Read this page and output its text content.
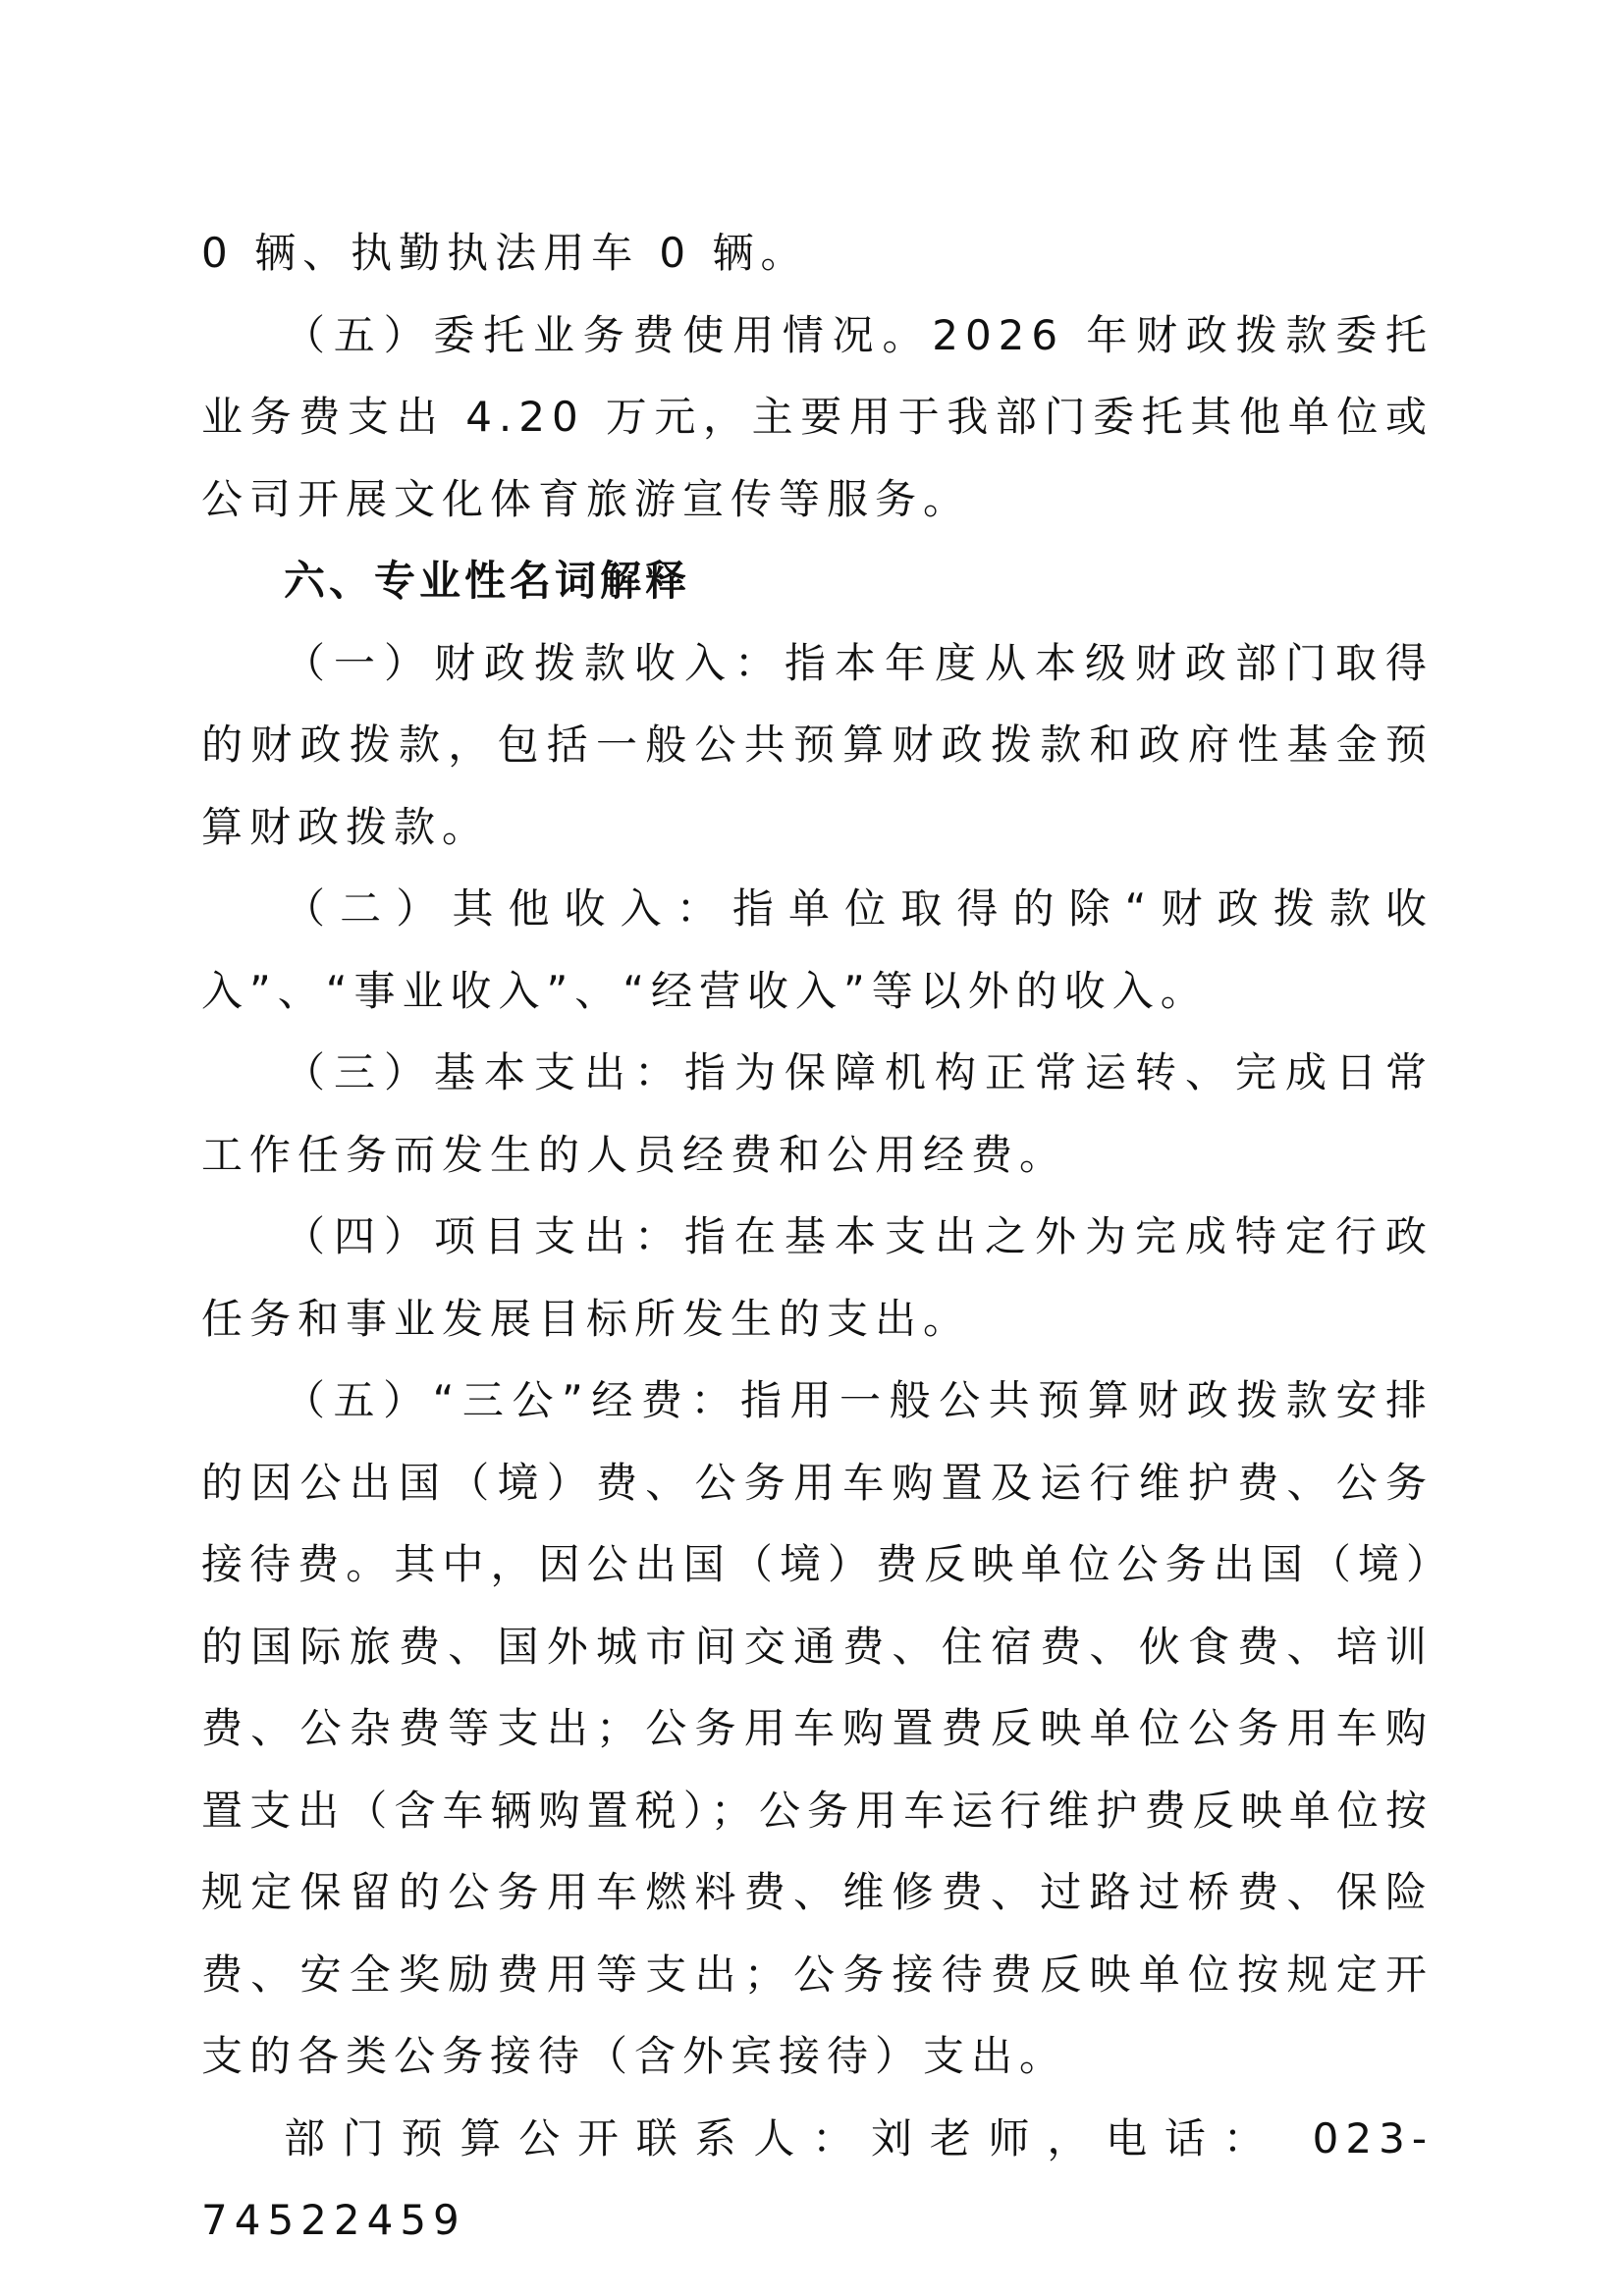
0 辆、执勤执法用车 0 辆。

（五）委托业务费使用情况。2026 年财政拨款委托业务费支出 4.20 万元，主要用于我部门委托其他单位或公司开展文化体育旅游宣传等服务。

六、专业性名词解释

（一）财政拨款收入：指本年度从本级财政部门取得的财政拨款，包括一般公共预算财政拨款和政府性基金预算财政拨款。

（二）其他收入：指单位取得的除“财政拨款收入”、“事业收入”、“经营收入”等以外的收入。

（三）基本支出：指为保障机构正常运转、完成日常工作任务而发生的人员经费和公用经费。

（四）项目支出：指在基本支出之外为完成特定行政任务和事业发展目标所发生的支出。

（五）“三公”经费：指用一般公共预算财政拨款安排的因公出国（境）费、公务用车购置及运行维护费、公务接待费。其中，因公出国（境）费反映单位公务出国（境）的国际旅费、国外城市间交通费、住宿费、伙食费、培训费、公杂费等支出；公务用车购置费反映单位公务用车购置支出（含车辆购置税）；公务用车运行维护费反映单位按规定保留的公务用车燃料费、维修费、过路过桥费、保险费、安全奖励费用等支出；公务接待费反映单位按规定开支的各类公务接待（含外宾接待）支出。

部门预算公开联系人：刘老师，电话： 023-74522459
